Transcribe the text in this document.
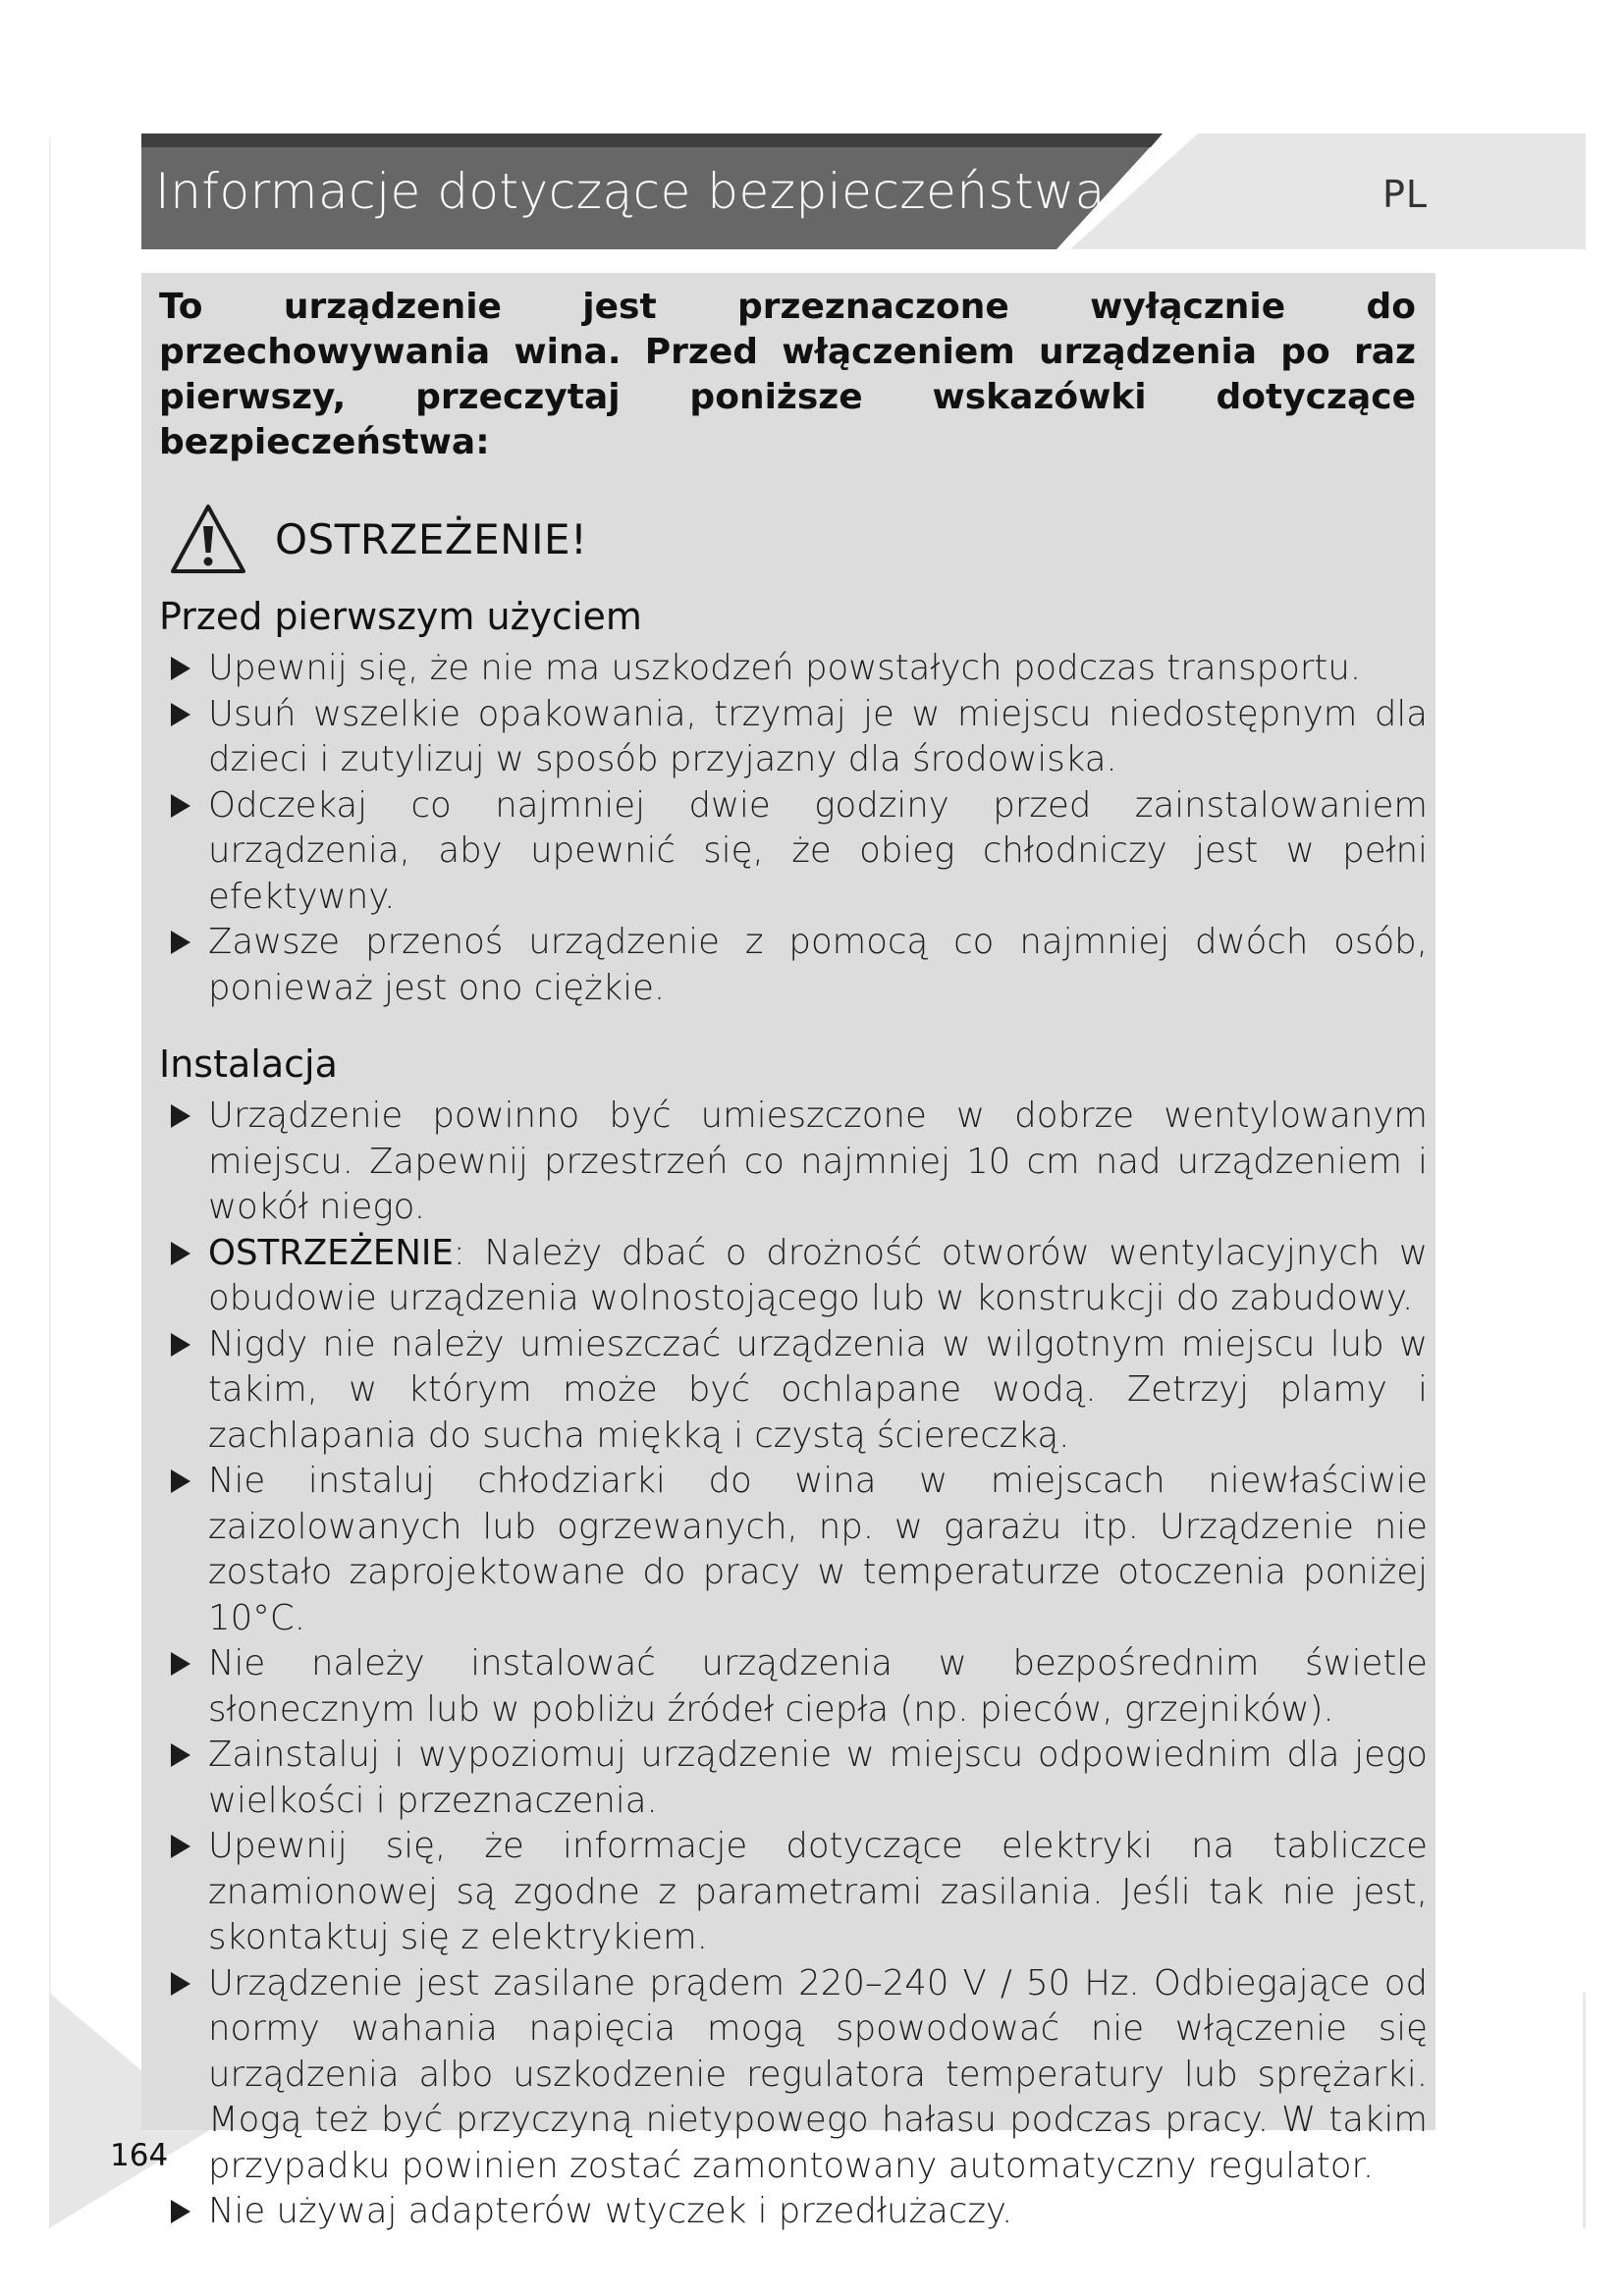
Informacje dotyczące bezpieczeństwa	PL

To urządzenie jest przeznaczone wyłącznie do przechowywania wina. Przed włączeniem urządzenia po raz pierwszy, przeczytaj poniższe wskazówki dotyczące bezpieczeństwa:

OSTRZEŻENIE!
Przed pierwszym użyciem
Upewnij się, że nie ma uszkodzeń powstałych podczas transportu.
Usuń wszelkie opakowania, trzymaj je w miejscu niedostępnym dla dzieci i zutylizuj w sposób przyjazny dla środowiska.
Odczekaj co najmniej dwie godziny przed zainstalowaniem urządzenia, aby upewnić się, że obieg chłodniczy jest w pełni efektywny.
Zawsze przenoś urządzenie z pomocą co najmniej dwóch osób, ponieważ jest ono ciężkie.
Instalacja
Urządzenie powinno być umieszczone w dobrze wentylowanym miejscu. Zapewnij przestrzeń co najmniej 10 cm nad urządzeniem i wokół niego.
OSTRZEŻENIE: Należy dbać o drożność otworów wentylacyjnych w obudowie urządzenia wolnostojącego lub w konstrukcji do zabudowy.
Nigdy nie należy umieszczać urządzenia w wilgotnym miejscu lub w takim, w którym może być ochlapane wodą. Zetrzyj plamy i zachlapania do sucha miękką i czystą ściereczką.
Nie instaluj chłodziarki do wina w miejscach niewłaściwie zaizolowanych lub ogrzewanych, np. w garażu itp. Urządzenie nie zostało zaprojektowane do pracy w temperaturze otoczenia poniżej 10°C.
Nie należy instalować urządzenia w bezpośrednim świetle słonecznym lub w pobliżu źródeł ciepła (np. pieców, grzejników).
Zainstaluj i wypoziomuj urządzenie w miejscu odpowiednim dla jego wielkości i przeznaczenia.
Upewnij się, że informacje dotyczące elektryki na tabliczce znamionowej są zgodne z parametrami zasilania. Jeśli tak nie jest, skontaktuj się z elektrykiem.
Urządzenie jest zasilane prądem 220–240 V / 50 Hz. Odbiegające od normy wahania napięcia mogą spowodować nie włączenie się urządzenia albo uszkodzenie regulatora temperatury lub sprężarki. Mogą też być przyczyną nietypowego hałasu podczas pracy. W takim przypadku powinien zostać zamontowany automatyczny regulator.
Nie używaj adapterów wtyczek i przedłużaczy.
164
